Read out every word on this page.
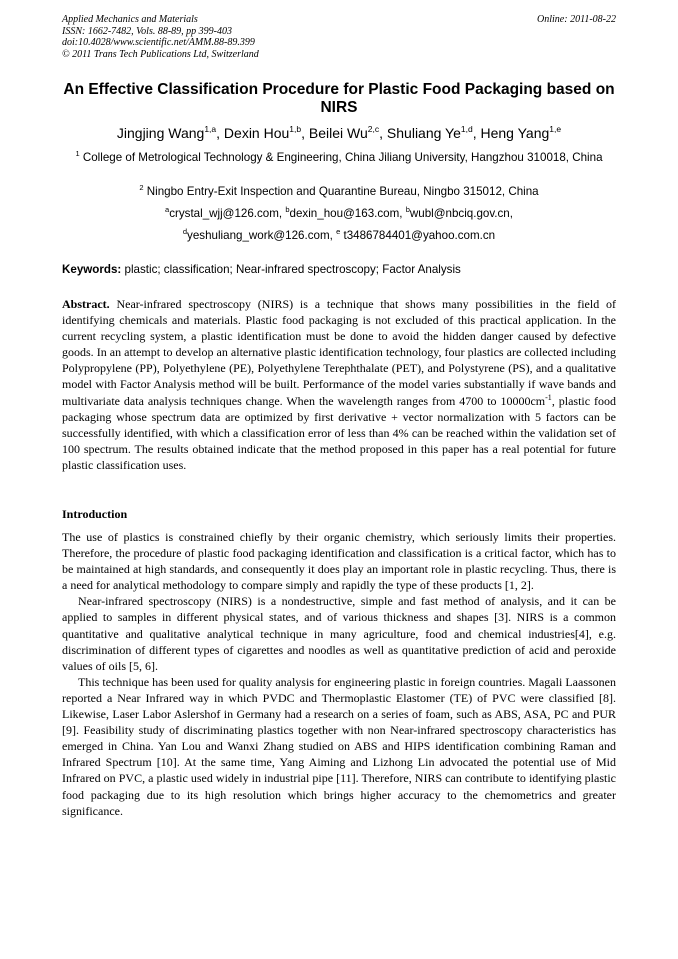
Applied Mechanics and Materials
ISSN: 1662-7482, Vols. 88-89, pp 399-403
doi:10.4028/www.scientific.net/AMM.88-89.399
© 2011 Trans Tech Publications Ltd, Switzerland
Online: 2011-08-22
An Effective Classification Procedure for Plastic Food Packaging based on NIRS
Jingjing Wang$^{1,a}$, Dexin Hou$^{1,b}$, Beilei Wu$^{2,c}$, Shuliang Ye$^{1,d}$, Heng Yang$^{1,e}$
$^1$ College of Metrological Technology & Engineering, China Jiliang University, Hangzhou 310018, China
$^2$ Ningbo Entry-Exit Inspection and Quarantine Bureau, Ningbo 315012, China
$^a$crystal_wjj@126.com, $^b$dexin_hou@163.com, $^b$wubl@nbciq.gov.cn,
$^d$yeshuliang_work@126.com, $^e$ t3486784401@yahoo.com.cn
Keywords: plastic; classification; Near-infrared spectroscopy; Factor Analysis
Abstract. Near-infrared spectroscopy (NIRS) is a technique that shows many possibilities in the field of identifying chemicals and materials. Plastic food packaging is not excluded of this practical application. In the current recycling system, a plastic identification must be done to avoid the hidden danger caused by defective goods. In an attempt to develop an alternative plastic identification technology, four plastics are collected including Polypropylene (PP), Polyethylene (PE), Polyethylene Terephthalate (PET), and Polystyrene (PS), and a qualitative model with Factor Analysis method will be built. Performance of the model varies substantially if wave bands and multivariate data analysis techniques change. When the wavelength ranges from 4700 to $10000cm^{-1}$, plastic food packaging whose spectrum data are optimized by first derivative + vector normalization with 5 factors can be successfully identified, with which a classification error of less than 4% can be reached within the validation set of 100 spectrum. The results obtained indicate that the method proposed in this paper has a real potential for future plastic classification uses.
Introduction

The use of plastics is constrained chiefly by their organic chemistry, which seriously limits their properties. Therefore, the procedure of plastic food packaging identification and classification is a critical factor, which has to be maintained at high standards, and consequently it does play an important role in plastic recycling. Thus, there is a need for analytical methodology to compare simply and rapidly the type of these products [1, 2].

Near-infrared spectroscopy (NIRS) is a nondestructive, simple and fast method of analysis, and it can be applied to samples in different physical states, and of various thickness and shapes [3]. NIRS is a common quantitative and qualitative analytical technique in many agriculture, food and chemical industries[4], e.g. discrimination of different types of cigarettes and noodles as well as quantitative prediction of acid and peroxide values of oils [5, 6].

This technique has been used for quality analysis for engineering plastic in foreign countries. Magali Laassonen reported a Near Infrared way in which PVDC and Thermoplastic Elastomer (TE) of PVC were classified [8]. Likewise, Laser Labor Aslershof in Germany had a research on a series of foam, such as ABS, ASA, PC and PUR [9]. Feasibility study of discriminating plastics together with non Near-infrared spectroscopy characteristics has emerged in China. Yan Lou and Wanxi Zhang studied on ABS and HIPS identification combining Raman and Infrared Spectrum [10]. At the same time, Yang Aiming and Lizhong Lin advocated the potential use of Mid Infrared on PVC, a plastic used widely in industrial pipe [11]. Therefore, NIRS can contribute to identifying plastic food packaging due to its high resolution which brings higher accuracy to the chemometrics and greater significance.
